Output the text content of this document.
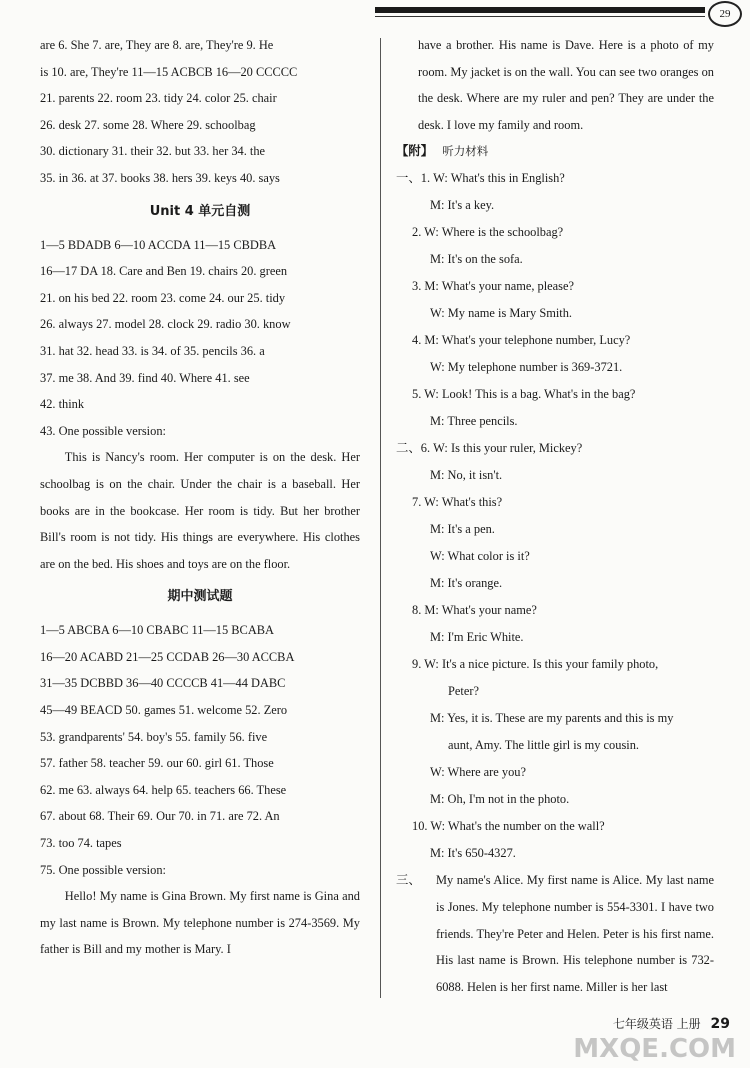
29
are 6. She 7. are, They are 8. are, They're 9. He
is 10. are, They're 11—15 ACBCB 16—20 CCCCC
21. parents 22. room 23. tidy 24. color 25. chair
26. desk 27. some 28. Where 29. schoolbag
30. dictionary 31. their 32. but 33. her 34. the
35. in 36. at 37. books 38. hers 39. keys 40. says
Unit 4 单元自测
1—5 BDADB 6—10 ACCDA 11—15 CBDBA
16—17 DA 18. Care and Ben 19. chairs 20. green
21. on his bed 22. room 23. come 24. our 25. tidy
26. always 27. model 28. clock 29. radio 30. know
31. hat 32. head 33. is 34. of 35. pencils 36. a
37. me 38. And 39. find 40. Where 41. see
42. think
43. One possible version:
This is Nancy's room. Her computer is on the desk. Her schoolbag is on the chair. Under the chair is a baseball. Her books are in the bookcase. Her room is tidy. But her brother Bill's room is not tidy. His things are everywhere. His clothes are on the bed. His shoes and toys are on the floor.
期中测试题
1—5 ABCBA 6—10 CBABC 11—15 BCABA
16—20 ACABD 21—25 CCDAB 26—30 ACCBA
31—35 DCBBD 36—40 CCCCB 41—44 DABC
45—49 BEACD 50. games 51. welcome 52. Zero
53. grandparents' 54. boy's 55. family 56. five
57. father 58. teacher 59. our 60. girl 61. Those
62. me 63. always 64. help 65. teachers 66. These
67. about 68. Their 69. Our 70. in 71. are 72. An
73. too 74. tapes
75. One possible version:
Hello! My name is Gina Brown. My first name is Gina and my last name is Brown. My telephone number is 274-3569. My father is Bill and my mother is Mary. I
have a brother. His name is Dave. Here is a photo of my room. My jacket is on the wall. You can see two oranges on the desk. Where are my ruler and pen? They are under the desk. I love my family and room.
【附】 听力材料
一、1. W: What's this in English?
M: It's a key.
2. W: Where is the schoolbag?
M: It's on the sofa.
3. M: What's your name, please?
W: My name is Mary Smith.
4. M: What's your telephone number, Lucy?
W: My telephone number is 369-3721.
5. W: Look! This is a bag. What's in the bag?
M: Three pencils.
二、6. W: Is this your ruler, Mickey?
M: No, it isn't.
7. W: What's this?
M: It's a pen.
W: What color is it?
M: It's orange.
8. M: What's your name?
M: I'm Eric White.
9. W: It's a nice picture. Is this your family photo,
Peter?
M: Yes, it is. These are my parents and this is my
aunt, Amy. The little girl is my cousin.
W: Where are you?
M: Oh, I'm not in the photo.
10. W: What's the number on the wall?
M: It's 650-4327.
三、	My name's Alice. My first name is Alice. My last name is Jones. My telephone number is 554-3301. I have two friends. They're Peter and Helen. Peter is his first name. His last name is Brown. His telephone number is 732-6088. Helen is her first name. Miller is her last
七年级英语 上册 29
MXQE.COM
